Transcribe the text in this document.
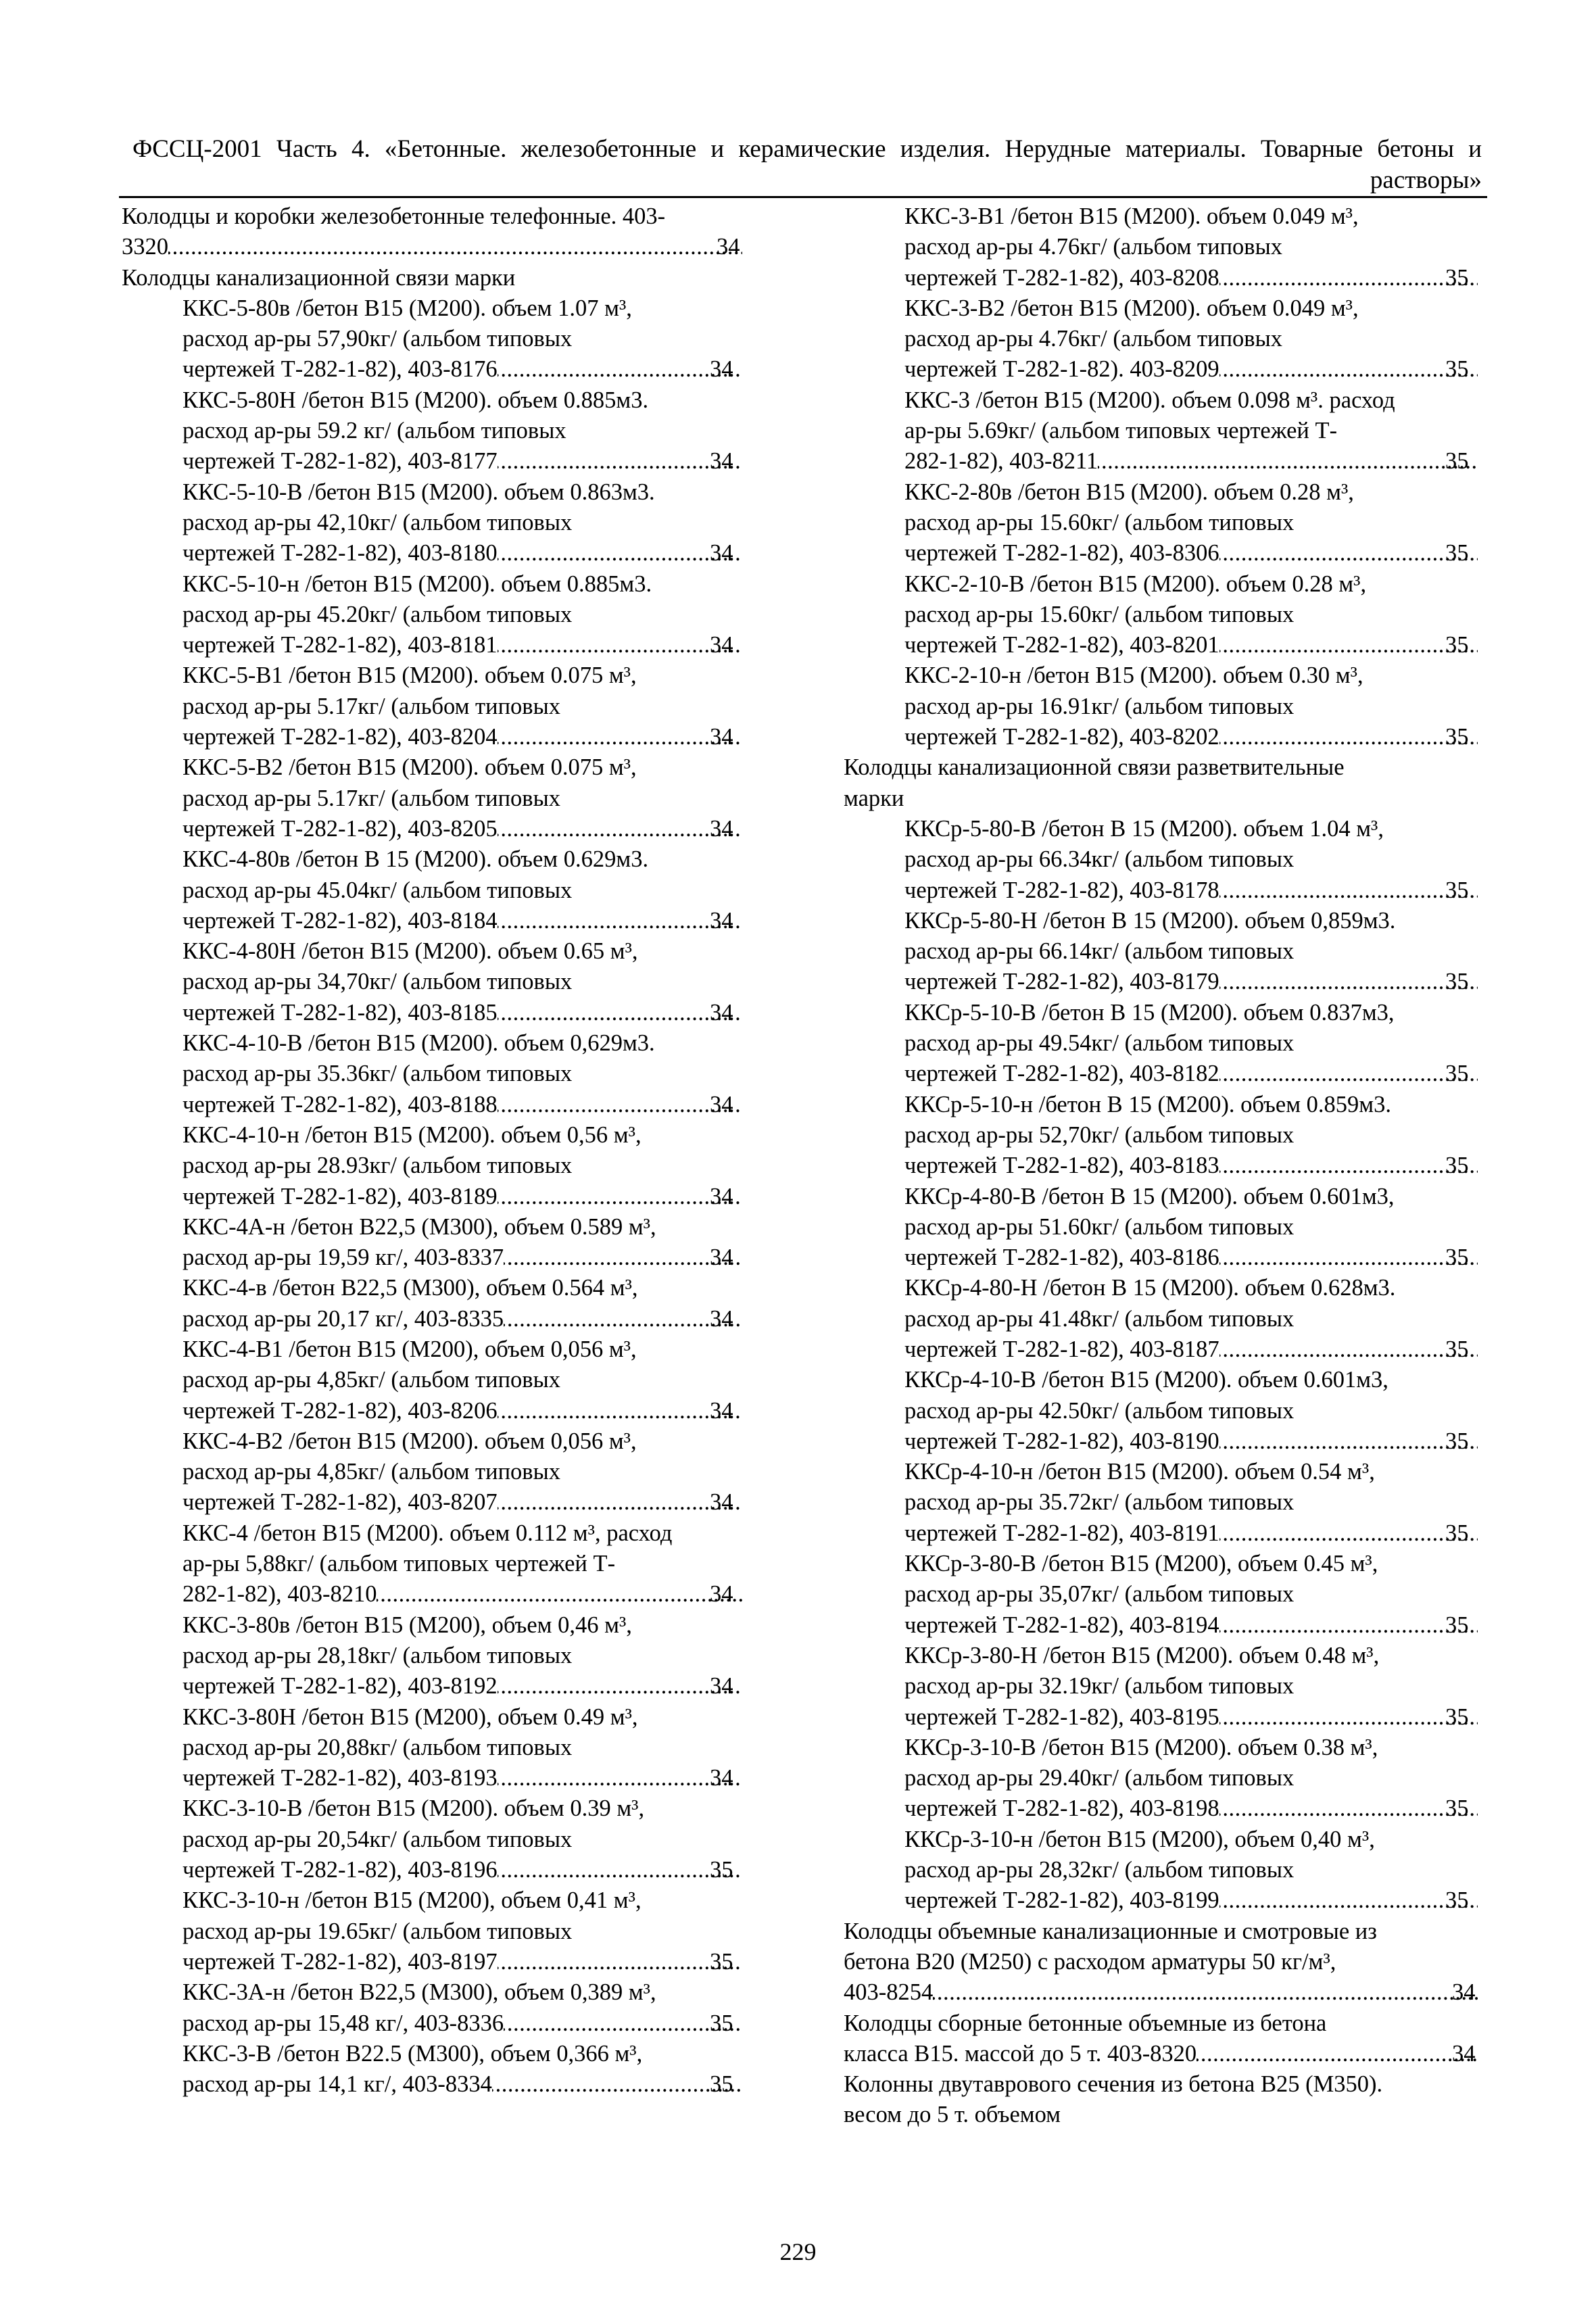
ФССЦ-2001 Часть 4. «Бетонные. железобетонные и керамические изделия. Нерудные материалы. Товарные бетоны и растворы»
Колодцы и коробки железобетонные телефонные. 403-
3320 .....	34
Колодцы канализационной связи марки
ККС-5-80в /бетон В15 (М200). объем 1.07 м³,
расход ар-ры 57,90кг/ (альбом типовых
чертежей Т-282-1-82), 403-8176 .....	34
ККС-5-80Н /бетон В15 (М200). объем 0.885м3.
расход ар-ры 59.2 кг/ (альбом типовых
чертежей Т-282-1-82), 403-8177 .....	34
ККС-5-10-В /бетон В15 (М200). объем 0.863м3.
расход ар-ры 42,10кг/ (альбом типовых
чертежей Т-282-1-82), 403-8180 .....	34
ККС-5-10-н /бетон В15 (М200). объем 0.885м3.
расход ар-ры 45.20кг/ (альбом типовых
чертежей Т-282-1-82), 403-8181 .....	34
ККС-5-В1 /бетон В15 (М200). объем 0.075 м³,
расход ар-ры 5.17кг/ (альбом типовых
чертежей Т-282-1-82), 403-8204 .....	34
ККС-5-В2 /бетон В15 (М200). объем 0.075 м³,
расход ар-ры 5.17кг/ (альбом типовых
чертежей Т-282-1-82), 403-8205 .....	34
ККС-4-80в /бетон В 15 (М200). объем 0.629м3.
расход ар-ры 45.04кг/ (альбом типовых
чертежей Т-282-1-82), 403-8184 .....	34
ККС-4-80Н /бетон В15 (М200). объем 0.65 м³,
расход ар-ры 34,70кг/ (альбом типовых
чертежей Т-282-1-82), 403-8185 .....	34
ККС-4-10-В /бетон В15 (М200). объем 0,629м3.
расход ар-ры 35.36кг/ (альбом типовых
чертежей Т-282-1-82), 403-8188 .....	34
ККС-4-10-н /бетон В15 (М200). объем 0,56 м³,
расход ар-ры 28.93кг/ (альбом типовых
чертежей Т-282-1-82), 403-8189 .....	34
ККС-4А-н /бетон В22,5 (М300), объем 0.589 м³,
расход ар-ры 19,59 кг/, 403-8337 .....	34
ККС-4-в /бетон В22,5 (М300), объем 0.564 м³,
расход ар-ры 20,17 кг/, 403-8335 .....	34
ККС-4-В1 /бетон В15 (М200), объем 0,056 м³,
расход ар-ры 4,85кг/ (альбом типовых
чертежей Т-282-1-82), 403-8206 .....	34
ККС-4-В2 /бетон В15 (М200). объем 0,056 м³,
расход ар-ры 4,85кг/ (альбом типовых
чертежей Т-282-1-82), 403-8207 .....	34
ККС-4 /бетон В15 (М200). объем 0.112 м³, расход
ар-ры 5,88кг/ (альбом типовых чертежей Т-
282-1-82), 403-8210 .....	34
ККС-3-80в /бетон В15 (М200), объем 0,46 м³,
расход ар-ры 28,18кг/ (альбом типовых
чертежей Т-282-1-82), 403-8192 .....	34
ККС-3-80Н /бетон В15 (М200), объем 0.49 м³,
расход ар-ры 20,88кг/ (альбом типовых
чертежей Т-282-1-82), 403-8193 .....	34
ККС-3-10-В /бетон В15 (М200). объем 0.39 м³,
расход ар-ры 20,54кг/ (альбом типовых
чертежей Т-282-1-82), 403-8196 .....	35
ККС-3-10-н /бетон В15 (М200), объем 0,41 м³,
расход ар-ры 19.65кг/ (альбом типовых
чертежей Т-282-1-82), 403-8197 .....	35
ККС-3А-н /бетон В22,5 (М300), объем 0,389 м³,
расход ар-ры 15,48 кг/, 403-8336 .....	35
ККС-3-В /бетон В22.5 (М300), объем 0,366 м³,
расход ар-ры 14,1 кг/, 403-8334 .....	35
ККС-3-В1 /бетон В15 (М200). объем 0.049 м³,
расход ар-ры 4.76кг/ (альбом типовых
чертежей Т-282-1-82), 403-8208 .....	35
ККС-3-В2 /бетон В15 (М200). объем 0.049 м³,
расход ар-ры 4.76кг/ (альбом типовых
чертежей Т-282-1-82). 403-8209 .....	35
ККС-3 /бетон В15 (М200). объем 0.098 м³. расход
ар-ры 5.69кг/ (альбом типовых чертежей Т-
282-1-82), 403-8211 .....	35
ККС-2-80в /бетон В15 (М200). объем 0.28 м³,
расход ар-ры 15.60кг/ (альбом типовых
чертежей Т-282-1-82), 403-8306 .....	35
ККС-2-10-В /бетон В15 (М200). объем 0.28 м³,
расход ар-ры 15.60кг/ (альбом типовых
чертежей Т-282-1-82), 403-8201 .....	35
ККС-2-10-н /бетон В15 (М200). объем 0.30 м³,
расход ар-ры 16.91кг/ (альбом типовых
чертежей Т-282-1-82), 403-8202 .....	35
Колодцы канализационной связи разветвительные
марки
ККСр-5-80-В /бетон В 15 (М200). объем 1.04 м³,
расход ар-ры 66.34кг/ (альбом типовых
чертежей Т-282-1-82), 403-8178 .....	35
ККСр-5-80-Н /бетон В 15 (М200). объем 0,859м3.
расход ар-ры 66.14кг/ (альбом типовых
чертежей Т-282-1-82), 403-8179 .....	35
ККСр-5-10-В /бетон В 15 (М200). объем 0.837м3,
расход ар-ры 49.54кг/ (альбом типовых
чертежей Т-282-1-82), 403-8182 .....	35
ККСр-5-10-н /бетон В 15 (М200). объем 0.859м3.
расход ар-ры 52,70кг/ (альбом типовых
чертежей Т-282-1-82), 403-8183 .....	35
ККСр-4-80-В /бетон В 15 (М200). объем 0.601м3,
расход ар-ры 51.60кг/ (альбом типовых
чертежей Т-282-1-82), 403-8186 .....	35
ККСр-4-80-Н /бетон В 15 (М200). объем 0.628м3.
расход ар-ры 41.48кг/ (альбом типовых
чертежей Т-282-1-82), 403-8187 .....	35
ККСр-4-10-В /бетон В15 (М200). объем 0.601м3,
расход ар-ры 42.50кг/ (альбом типовых
чертежей Т-282-1-82), 403-8190 .....	35
ККСр-4-10-н /бетон В15 (М200). объем 0.54 м³,
расход ар-ры 35.72кг/ (альбом типовых
чертежей Т-282-1-82), 403-8191 .....	35
ККСр-3-80-В /бетон В15 (М200), объем 0.45 м³,
расход ар-ры 35,07кг/ (альбом типовых
чертежей Т-282-1-82), 403-8194 .....	35
ККСр-3-80-Н /бетон В15 (М200). объем 0.48 м³,
расход ар-ры 32.19кг/ (альбом типовых
чертежей Т-282-1-82), 403-8195 .....	35
ККСр-3-10-В /бетон В15 (М200). объем 0.38 м³,
расход ар-ры 29.40кг/ (альбом типовых
чертежей Т-282-1-82), 403-8198 .....	35
ККСр-3-10-н /бетон В15 (М200), объем 0,40 м³,
расход ар-ры 28,32кг/ (альбом типовых
чертежей Т-282-1-82), 403-8199 .....	35
Колодцы объемные канализационные и смотровые из
бетона В20 (М250) с расходом арматуры 50 кг/м³,
403-8254 .....	34
Колодцы сборные бетонные объемные из бетона
класса В15. массой до 5 т. 403-8320 .....	34
Колонны двутаврового сечения из бетона В25 (М350).
весом до 5 т. объемом
229
